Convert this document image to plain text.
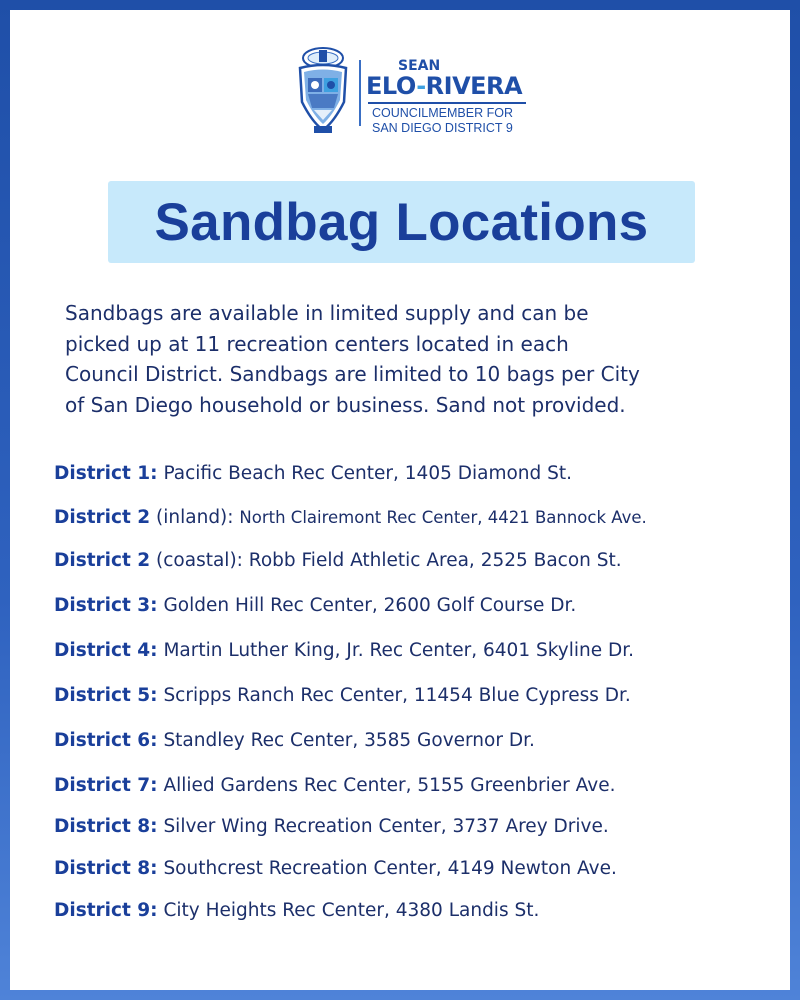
SEAN
ELO-RIVERA
COUNCILMEMBER FOR
SAN DIEGO DISTRICT 9
Sandbag Locations
Sandbags are available in limited supply and can be
picked up at 11 recreation centers located in each
Council District. Sandbags are limited to 10 bags per City
of San Diego household or business. Sand not provided.
District 1: Pacific Beach Rec Center, 1405 Diamond St.
District 2 (inland): North Clairemont Rec Center, 4421 Bannock Ave.
District 2 (coastal): Robb Field Athletic Area, 2525 Bacon St.
District 3: Golden Hill Rec Center, 2600 Golf Course Dr.
District 4: Martin Luther King, Jr. Rec Center, 6401 Skyline Dr.
District 5: Scripps Ranch Rec Center, 11454 Blue Cypress Dr.
District 6: Standley Rec Center, 3585 Governor Dr.
District 7: Allied Gardens Rec Center, 5155 Greenbrier Ave.
District 8: Silver Wing Recreation Center, 3737 Arey Drive.
District 8: Southcrest Recreation Center, 4149 Newton Ave.
District 9: City Heights Rec Center, 4380 Landis St.
